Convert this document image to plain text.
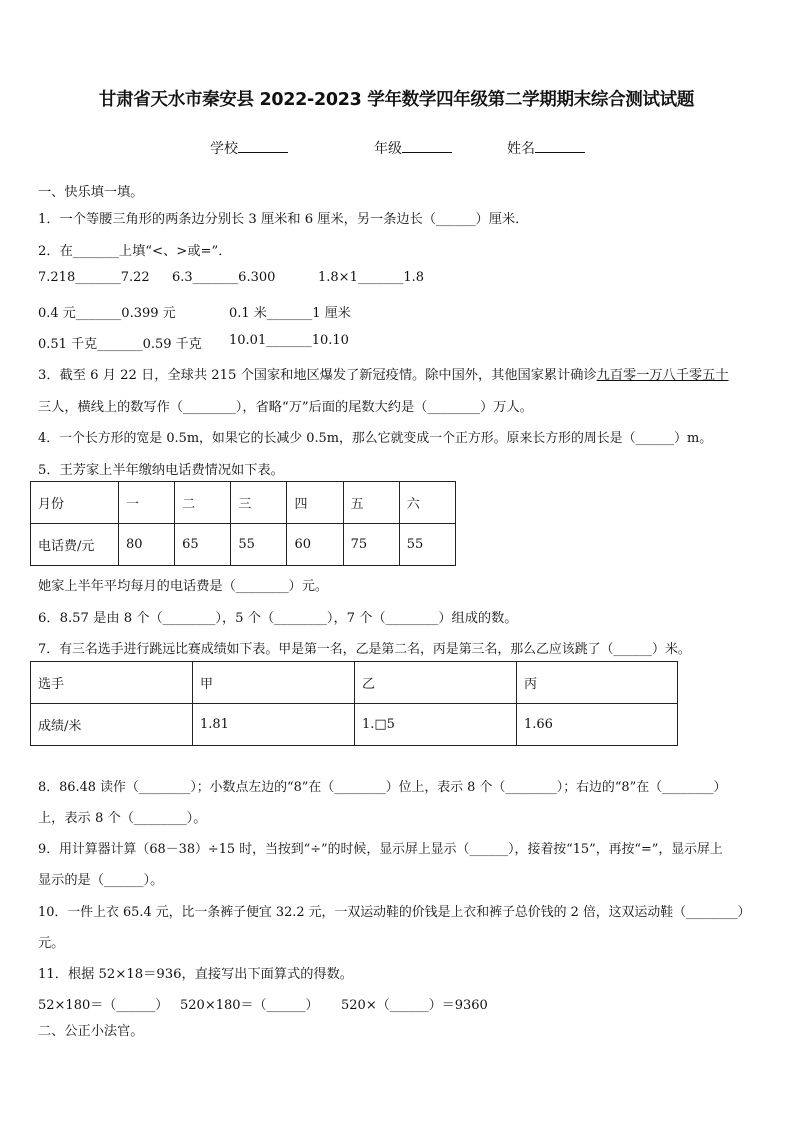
甘肃省天水市秦安县 2022-2023 学年数学四年级第二学期期末综合测试试题
学校	年级	姓名
一、快乐填一填。
1．一个等腰三角形的两条边分别长 3 厘米和 6 厘米，另一条边长（______）厘米．
2．在_______上填“<、>或=”．
7.218_______7.22 6.3_______6.300	1.8×1_______1.8
0.4 元_______0.399 元	0.1 米_______1 厘米
0.51 千克_______0.59 千克 10.01_______10.10
3．截至 6 月 22 日，全球共 215 个国家和地区爆发了新冠疫情。除中国外，其他国家累计确诊九百零一万八千零五十
三人，横线上的数写作（________），省略“万”后面的尾数大约是（________）万人。
4．一个长方形的宽是 0.5m，如果它的长减少 0.5m，那么它就变成一个正方形。原来长方形的周长是（______）m。
5．王芳家上半年缴纳电话费情况如下表。
月份	一	二	三	四	五	六
电话费/元	80	65	55	60	75	55
她家上半年平均每月的电话费是（________）元。
6．8.57 是由 8 个（________），5 个（________），7 个（________）组成的数。
7．有三名选手进行跳远比赛成绩如下表。甲是第一名，乙是第二名，丙是第三名，那么乙应该跳了（______）米。
选手	甲	乙	丙
成绩/米	1.81	1.□5	1.66
8．86.48 读作（________）；小数点左边的“8”在（________）位上，表示 8 个（________）；右边的“8”在（________）
上，表示 8 个（________）。
9．用计算器计算（68－38）÷15 时，当按到“÷”的时候，显示屏上显示（______），接着按“15”，再按“=”，显示屏上
显示的是（______）。
10．一件上衣 65.4 元，比一条裤子便宜 32.2 元，一双运动鞋的价钱是上衣和裤子总价钱的 2 倍，这双运动鞋（________）
元。
11．根据 52×18＝936，直接写出下面算式的得数。
52×180＝（______） 520×180＝（______） 520×（______）＝9360
二、公正小法官。
